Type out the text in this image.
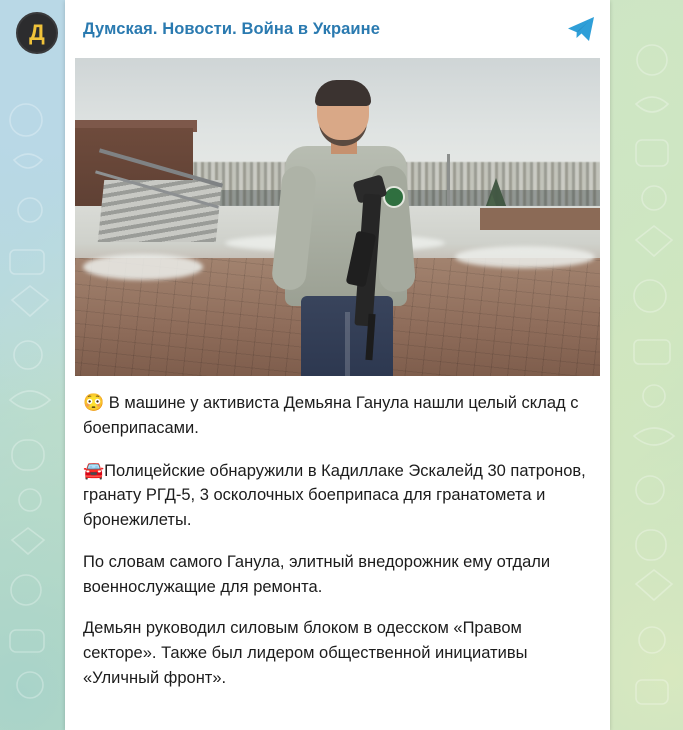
Д Думская. Новости. Война в Украине

😳 В машине у активиста Демьяна Ганула нашли целый склад с боеприпасами.

🚘Полицейские обнаружили в Кадиллаке Эскалейд 30 патронов, гранату РГД-5, 3 осколочных боеприпаса для гранатомета и бронежилеты.

По словам самого Ганула, элитный внедорожник ему отдали военнослужащие для ремонта.

Демьян руководил силовым блоком в одесском «Правом секторе». Также был лидером общественной инициативы «Уличный фронт».
